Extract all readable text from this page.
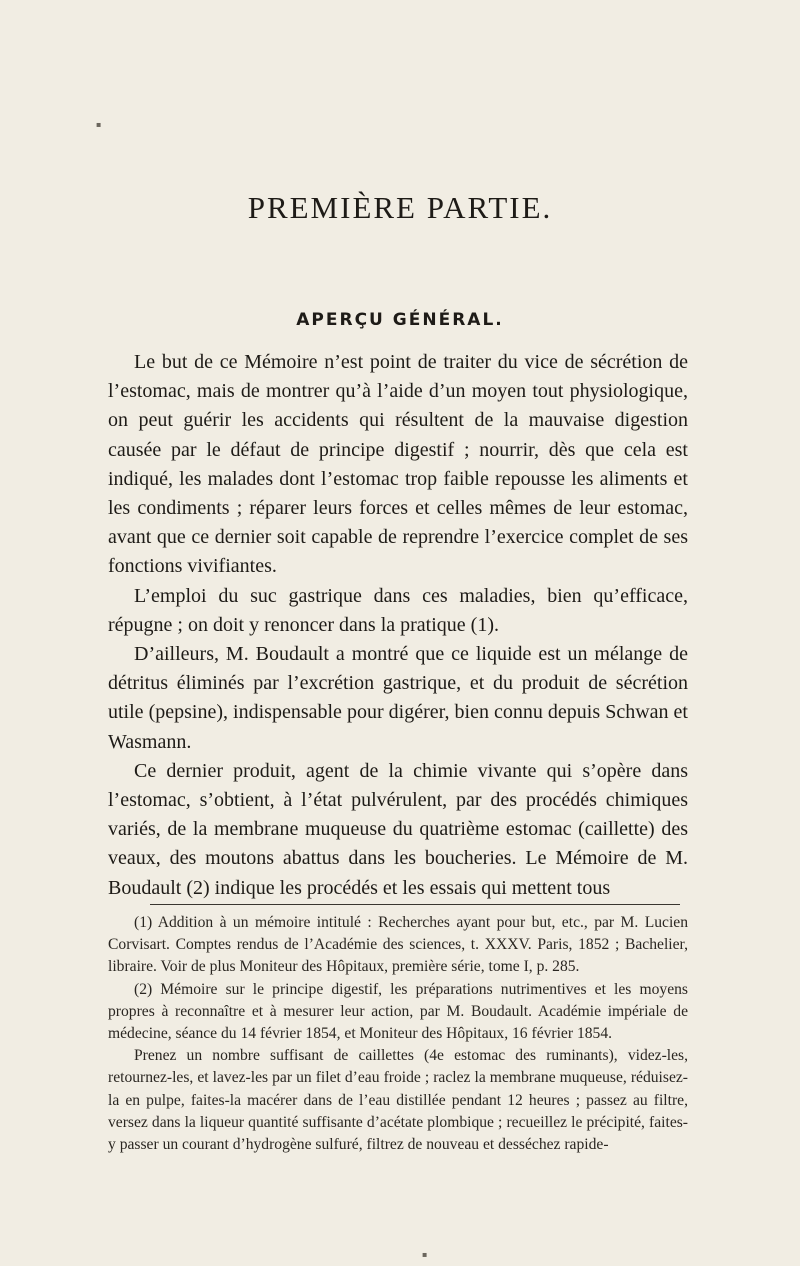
▪
▪
PREMIÈRE PARTIE.
APERÇU GÉNÉRAL.

Le but de ce Mémoire n’est point de traiter du vice de sécrétion de l’estomac, mais de montrer qu’à l’aide d’un moyen tout physiologique, on peut guérir les accidents qui résultent de la mauvaise digestion causée par le défaut de principe digestif ; nourrir, dès que cela est indiqué, les malades dont l’estomac trop faible repousse les aliments et les condiments ; réparer leurs forces et celles mêmes de leur estomac, avant que ce dernier soit capable de reprendre l’exercice complet de ses fonctions vivifiantes.

L’emploi du suc gastrique dans ces maladies, bien qu’efficace, répugne ; on doit y renoncer dans la pratique (1).

D’ailleurs, M. Boudault a montré que ce liquide est un mélange de détritus éliminés par l’excrétion gastrique, et du produit de sécrétion utile (pepsine), indispensable pour digérer, bien connu depuis Schwan et Wasmann.

Ce dernier produit, agent de la chimie vivante qui s’opère dans l’estomac, s’obtient, à l’état pulvérulent, par des procédés chimiques variés, de la membrane muqueuse du quatrième estomac (caillette) des veaux, des moutons abattus dans les boucheries. Le Mémoire de M. Boudault (2) indique les procédés et les essais qui mettent tous

(1) Addition à un mémoire intitulé : Recherches ayant pour but, etc., par M. Lucien Corvisart. Comptes rendus de l’Académie des sciences, t. XXXV. Paris, 1852 ; Bachelier, libraire. Voir de plus Moniteur des Hôpitaux, première série, tome I, p. 285.

(2) Mémoire sur le principe digestif, les préparations nutrimentives et les moyens propres à reconnaître et à mesurer leur action, par M. Boudault. Académie impériale de médecine, séance du 14 février 1854, et Moniteur des Hôpitaux, 16 février 1854.

Prenez un nombre suffisant de caillettes (4e estomac des ruminants), videz-les, retournez-les, et lavez-les par un filet d’eau froide ; raclez la membrane muqueuse, réduisez-la en pulpe, faites-la macérer dans de l’eau distillée pendant 12 heures ; passez au filtre, versez dans la liqueur quantité suffisante d’acétate plombique ; recueillez le précipité, faites-y passer un courant d’hydrogène sulfuré, filtrez de nouveau et desséchez rapide-
